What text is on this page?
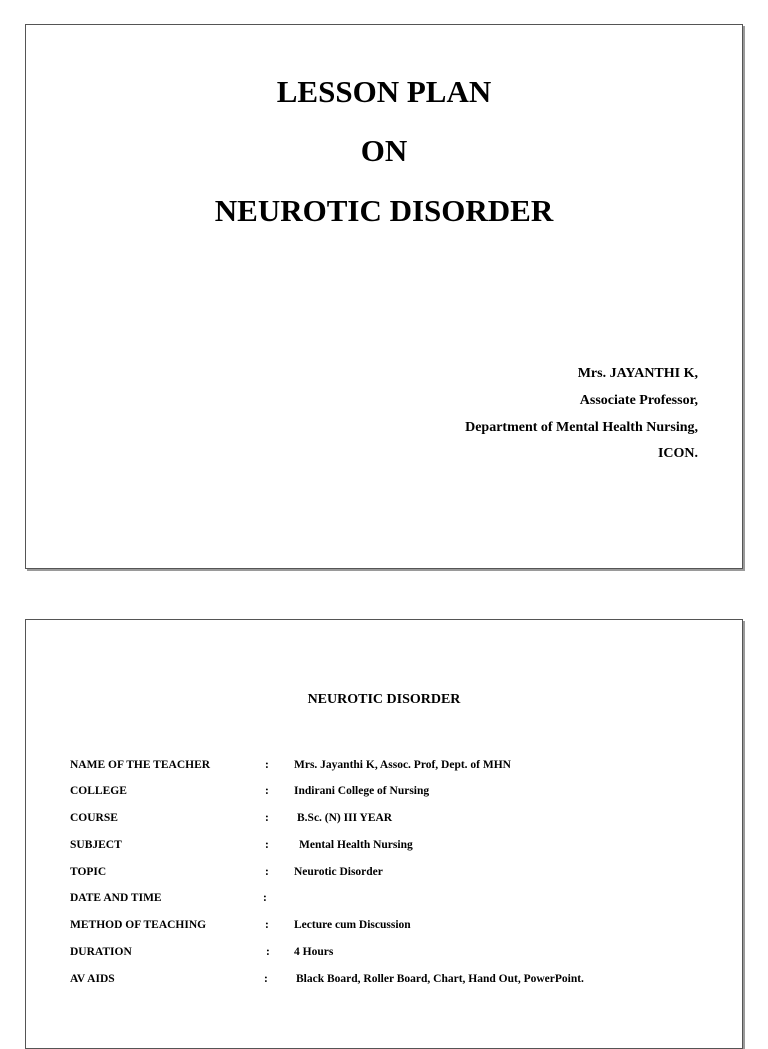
LESSON PLAN
ON
NEUROTIC DISORDER
Mrs. JAYANTHI K,
Associate Professor,
Department of Mental Health Nursing,
ICON.
NEUROTIC DISORDER
NAME OF THE TEACHER	: Mrs. Jayanthi K, Assoc. Prof, Dept. of MHN
COLLEGE	: Indirani College of Nursing
COURSE	: B.Sc. (N) III YEAR
SUBJECT	:	Mental Health Nursing
TOPIC	: Neurotic Disorder
DATE AND TIME	:
METHOD OF TEACHING	: Lecture cum Discussion
DURATION	: 4 Hours
AV AIDS	: Black Board, Roller Board, Chart, Hand Out, PowerPoint.
